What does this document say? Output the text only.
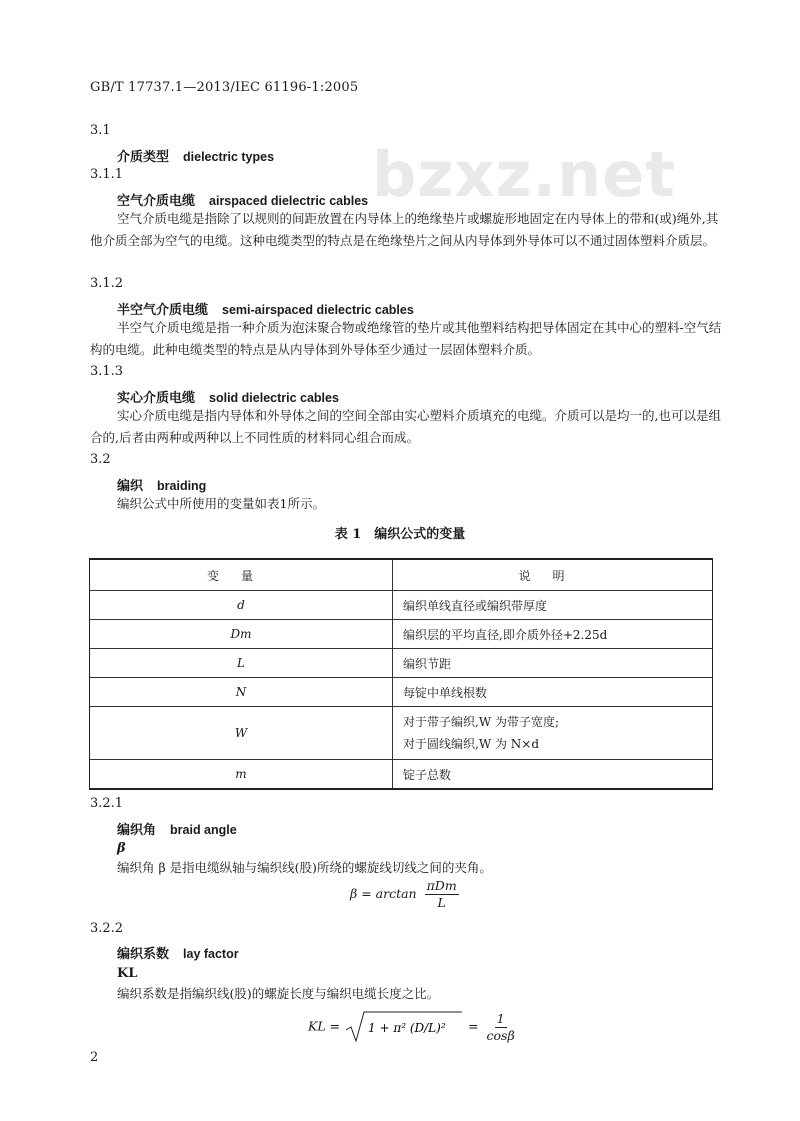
GB/T 17737.1—2013/IEC 61196-1:2005
bzxz.net
3.1
介质类型 dielectric types
3.1.1
空气介质电缆 airspaced dielectric cables
空气介质电缆是指除了以规则的间距放置在内导体上的绝缘垫片或螺旋形地固定在内导体上的带和(或)绳外,其他介质全部为空气的电缆。这种电缆类型的特点是在绝缘垫片之间从内导体到外导体可以不通过固体塑料介质层。
3.1.2
半空气介质电缆 semi-airspaced dielectric cables
半空气介质电缆是指一种介质为泡沫聚合物或绝缘管的垫片或其他塑料结构把导体固定在其中心的塑料-空气结构的电缆。此种电缆类型的特点是从内导体到外导体至少通过一层固体塑料介质。
3.1.3
实心介质电缆 solid dielectric cables
实心介质电缆是指内导体和外导体之间的空间全部由实心塑料介质填充的电缆。介质可以是均一的,也可以是组合的,后者由两种或两种以上不同性质的材料同心组合而成。
3.2
编织 braiding
编织公式中所使用的变量如表1所示。
表 1　编织公式的变量
变量	说明
d	编织单线直径或编织带厚度
Dm	编织层的平均直径,即介质外径+2.25d
L	编织节距
N	每锭中单线根数
W	对于带子编织,W 为带子宽度;
对于圆线编织,W 为 N×d

m	锭子总数
3.2.1
编织角 braid angle
β
编织角 β 是指电缆纵轴与编织线(股)所绕的螺旋线切线之间的夹角。
$\beta = \arctan \frac{\text{πDm}}{L}$
3.2.2
编织系数 lay factor
KL
编织系数是指编织线(股)的螺旋长度与编织电缆长度之比。
KL = 1 + π² $(D/L)^2 = \frac{1}{\cos\beta}$
2
